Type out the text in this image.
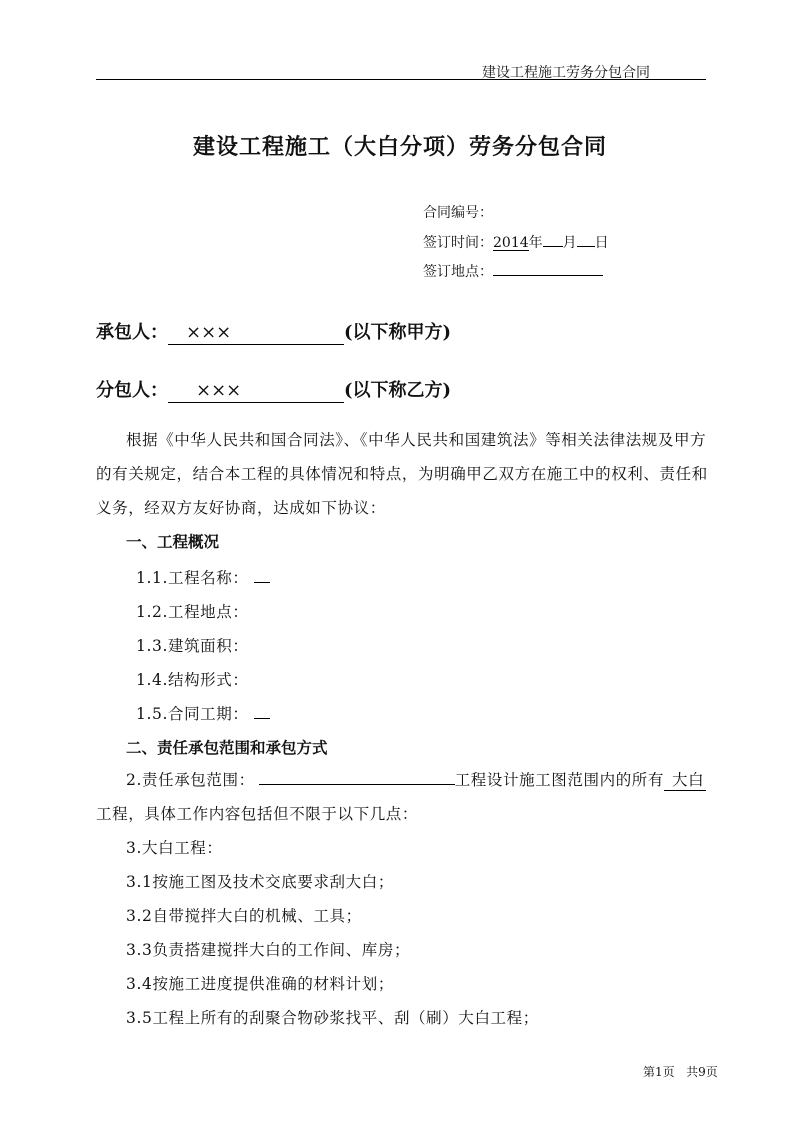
建设工程施工劳务分包合同
建设工程施工（大白分项）劳务分包合同
合同编号：
签订时间：2014年 月 日
签订地点：
承包人： ×××	(以下称甲方)
分包人： ×××	(以下称乙方)
根据《中华人民共和国合同法》、《中华人民共和国建筑法》等相关法律法规及甲方
的有关规定，结合本工程的具体情况和特点，为明确甲乙双方在施工中的权利、责任和
义务，经双方友好协商，达成如下协议：
一、工程概况
1.1.工程名称：
1.2.工程地点：
1.3.建筑面积：
1.4.结构形式：
1.5.合同工期：
二、责任承包范围和承包方式
2.责任承包范围：	工程设计施工图范围内的所有 大白
工程，具体工作内容包括但不限于以下几点：
3.大白工程：
3.1按施工图及技术交底要求刮大白；
3.2自带搅拌大白的机械、工具；
3.3负责搭建搅拌大白的工作间、库房；
3.4按施工进度提供准确的材料计划；
3.5工程上所有的刮聚合物砂浆找平、刮（刷）大白工程；
第1页 共9页
